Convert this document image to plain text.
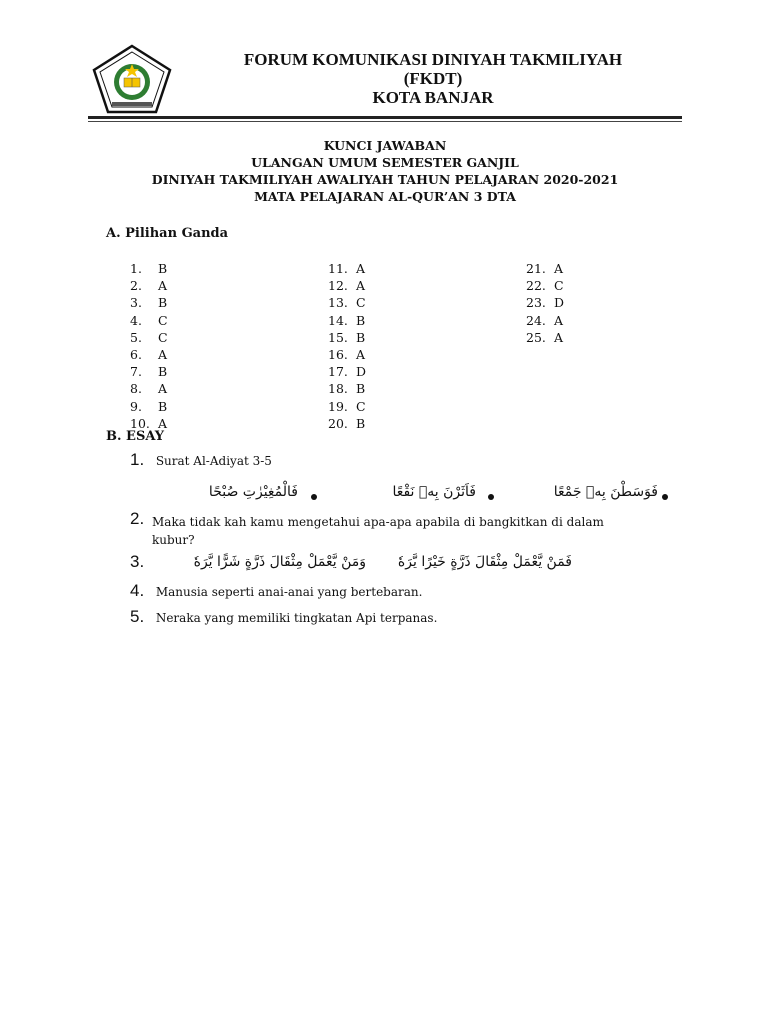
FORUM KOMUNIKASI DINIYAH TAKMILIYAH
(FKDT)
KOTA BANJAR
KUNCI JAWABAN
ULANGAN UMUM SEMESTER GANJIL
DINIYAH TAKMILIYAH AWALIYAH TAHUN PELAJARAN 2020-2021
MATA PELAJARAN AL-QUR’AN 3 DTA
A. Pilihan Ganda
1.	B
2.	A
3.	B
4.	C
5.	C
6.	A
7.	B
8.	A
9.	B
10. A
11. A
12. A
13. C
14. B
15. B
16. A
17. D
18. B
19. C
20. B
21. A
22. C
23. D
24. A
25. A
B. ESAY
1. Surat Al-Adiyat 3-5
فَوَسَطْنَ بِهٖ جَمْعًا
فَاَثَرْنَ بِهٖ نَقْعًا
فَالْمُغِيْرٰتِ صُبْحًا
2. Maka tidak kah kamu mengetahui apa-apa apabila di bangkitkan di dalam
kubur?
3.	فَمَنْ يَّعْمَلْ مِثْقَالَ ذَرَّةٍ خَيْرًا يَّرَهٗ
وَمَنْ يَّعْمَلْ مِثْقَالَ ذَرَّةٍ شَرًّا يَّرَهٗ
4. Manusia seperti anai-anai yang bertebaran.
5. Neraka yang memiliki tingkatan Api terpanas.
